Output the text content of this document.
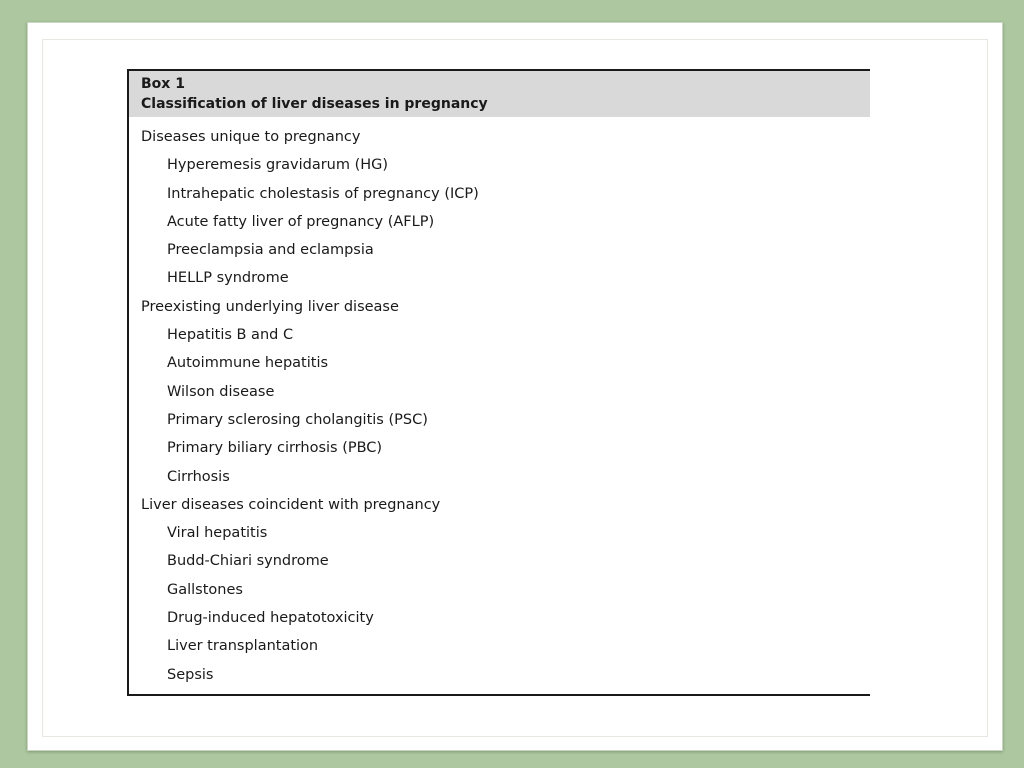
Box 1
Classification of liver diseases in pregnancy
Diseases unique to pregnancy
Hyperemesis gravidarum (HG)
Intrahepatic cholestasis of pregnancy (ICP)
Acute fatty liver of pregnancy (AFLP)
Preeclampsia and eclampsia
HELLP syndrome
Preexisting underlying liver disease
Hepatitis B and C
Autoimmune hepatitis
Wilson disease
Primary sclerosing cholangitis (PSC)
Primary biliary cirrhosis (PBC)
Cirrhosis
Liver diseases coincident with pregnancy
Viral hepatitis
Budd-Chiari syndrome
Gallstones
Drug-induced hepatotoxicity
Liver transplantation
Sepsis
